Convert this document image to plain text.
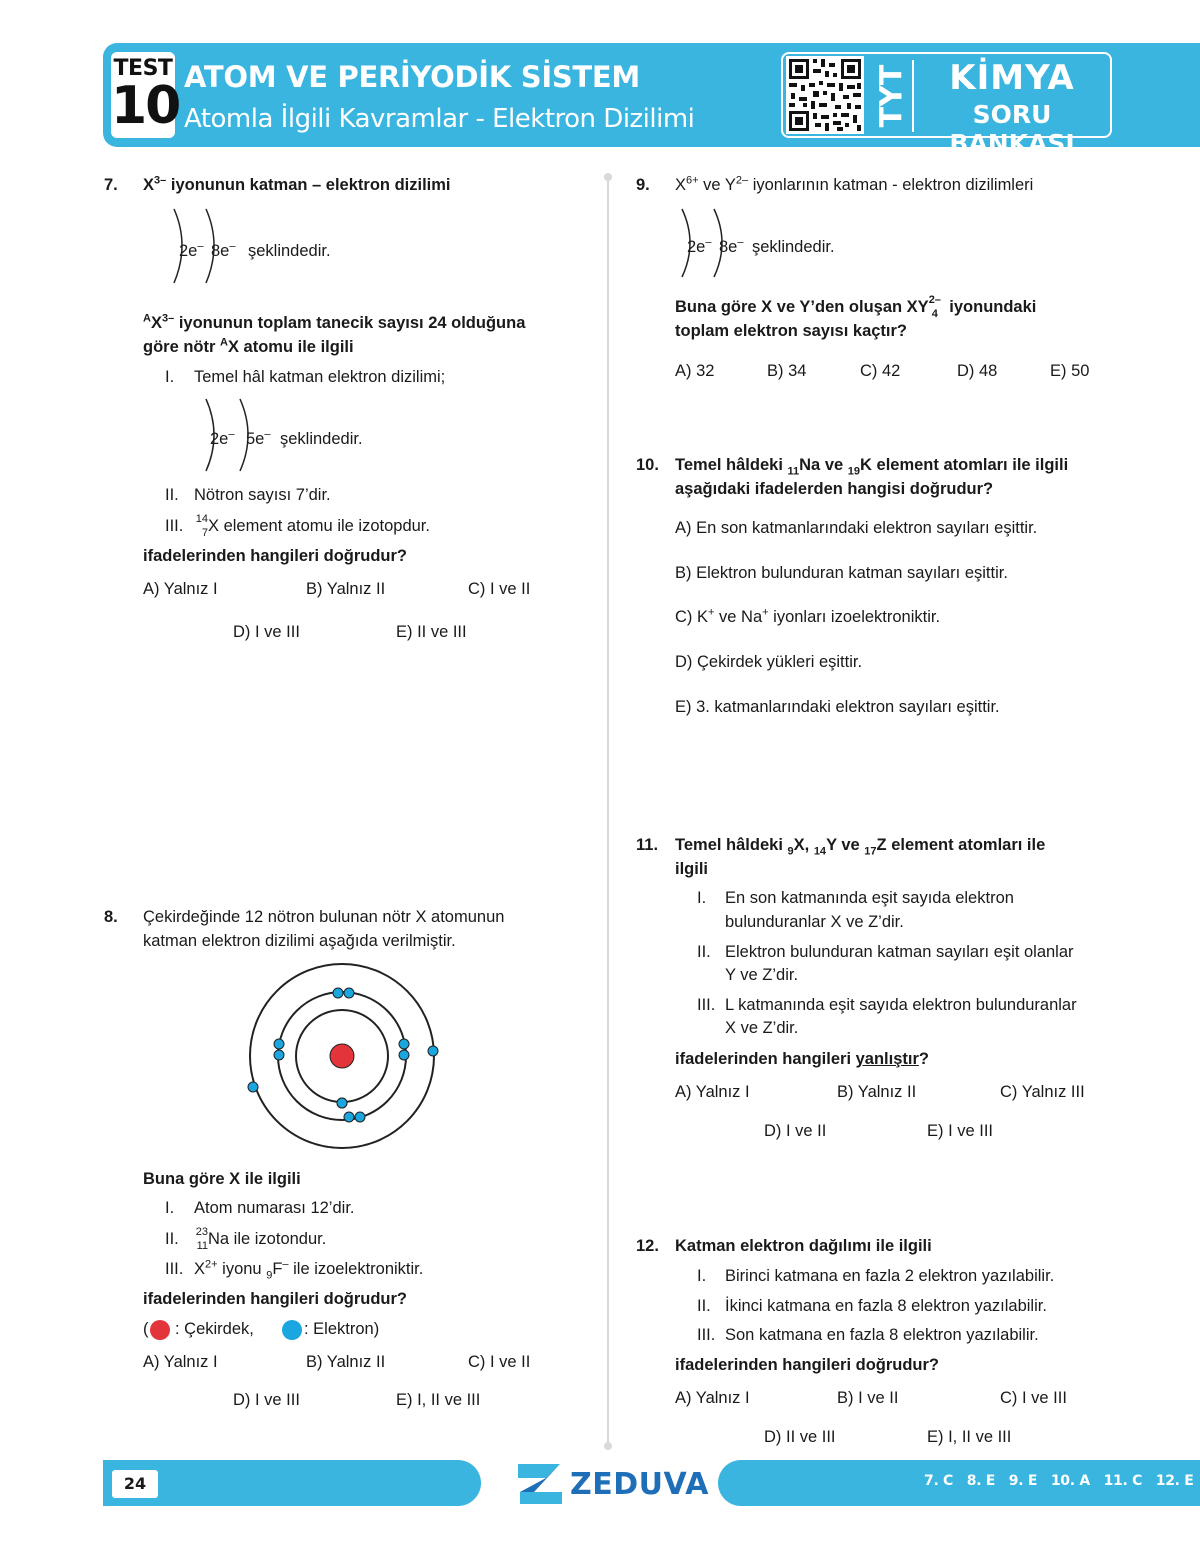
TEST
10 ATOM VE PERİYODİK SİSTEM
Atomla İlgili Kavramlar - Elektron Dizilimi	TYT	KİMYA
SORU BANKASI
7. $X^{3-}$ iyonunun katman – elektron dizilimi
2e– 8e– şeklindedir.
$^AX^{3-}$ iyonunun toplam tanecik sayısı 24 olduğuna
göre nötr $^A$X atomu ile ilgili
I. Temel hâl katman elektron dizilimi;
2e– 5e– şeklindedir.
II. Nötron sayısı 7’dir.
III. 14
7 X element atomu ile izotopdur.
ifadelerinden hangileri doğrudur?
A) Yalnız I	B) Yalnız II	C) I ve II
D) I ve III	E) II ve III
8. Çekirdeğinde 12 nötron bulunan nötr X atomunun
katman elektron dizilimi aşağıda verilmiştir.
Buna göre X ile ilgili
I. Atom numarası 12’dir.
II. 23
11 Na ile izotondur.
III. $X^{2+}$ iyonu $_9$F– ile izoelektroniktir.
ifadelerinden hangileri doğrudur?
( : Çekirdek,	: Elektron)
A) Yalnız I	B) Yalnız II	C) I ve II
D) I ve III	E) I, II ve III
9. $X^{6+}$ ve $Y^{2-}$ iyonlarının katman - elektron dizilimleri
2e– 8e– şeklindedir.
Buna göre X ve Y’den oluşan XY 2–
4 iyonundaki
toplam elektron sayısı kaçtır?
A) 32	B) 34	C) 42	D) 48	E) 50
10. Temel hâldeki $_{11}$Na ve $_{19}$K element atomları ile ilgili
aşağıdaki ifadelerden hangisi doğrudur?
A) En son katmanlarındaki elektron sayıları eşittir.
B) Elektron bulunduran katman sayıları eşittir.
C) K+ ve Na+ iyonları izoelektroniktir.
D) Çekirdek yükleri eşittir.
E) 3. katmanlarındaki elektron sayıları eşittir.
11. Temel hâldeki $_9$X, $_{14}$Y ve $_{17}$Z element atomları ile
ilgili
I. En son katmanında eşit sayıda elektron
bulunduranlar X ve Z’dir.
II. Elektron bulunduran katman sayıları eşit olanlar
Y ve Z’dir.
III. L katmanında eşit sayıda elektron bulunduranlar
X ve Z’dir.
ifadelerinden hangileri yanlıştır?
A) Yalnız I	B) Yalnız II	C) Yalnız III
D) I ve II	E) I ve III
12. Katman elektron dağılımı ile ilgili
I. Birinci katmana en fazla 2 elektron yazılabilir.
II. İkinci katmana en fazla 8 elektron yazılabilir.
III. Son katmana en fazla 8 elektron yazılabilir.
ifadelerinden hangileri doğrudur?
A) Yalnız I	B) I ve II	C) I ve III
D) II ve III	E) I, II ve III
24	ZEDUVA	7. C 8. E 9. E 10. A 11. C 12. E
